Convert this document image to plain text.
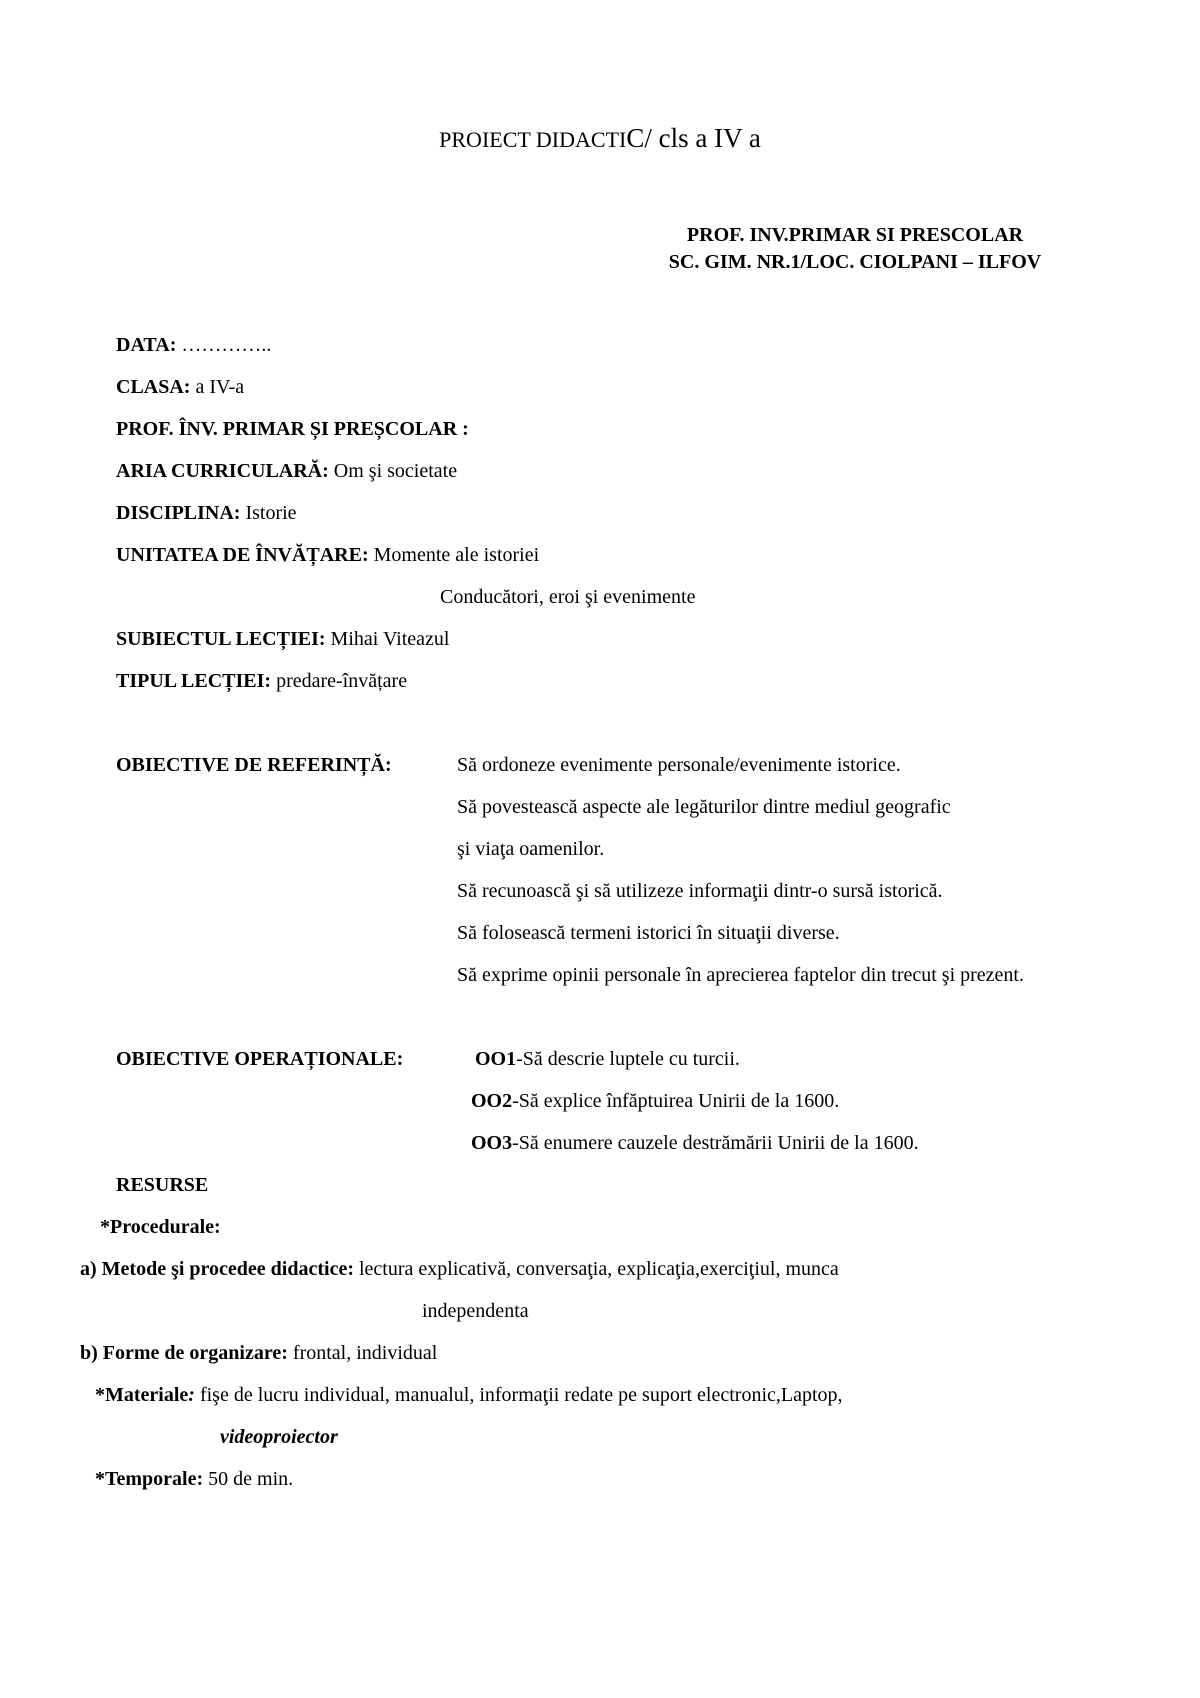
PROIECT DIDACTIC/ cls a IV a
PROF. INV.PRIMAR SI PRESCOLAR
SC. GIM. NR.1/LOC. CIOLPANI – ILFOV
DATA: …………..
CLASA: a IV-a
PROF. ÎNV. PRIMAR ȘI PREȘCOLAR :
ARIA CURRICULARĂ: Om şi societate
DISCIPLINA: Istorie
UNITATEA DE ÎNVĂȚARE: Momente ale istoriei
Conducători, eroi şi evenimente
SUBIECTUL LECȚIEI: Mihai Viteazul
TIPUL LECȚIEI: predare-învățare
OBIECTIVE DE REFERINȚĂ:	Să ordoneze evenimente personale/evenimente istorice.
Să povestească aspecte ale legăturilor dintre mediul geografic
şi viaţa oamenilor.
Să recunoască şi să utilizeze informaţii dintr-o sursă istorică.
Să folosească termeni istorici în situaţii diverse.
Să exprime opinii personale în aprecierea faptelor din trecut şi prezent.
OBIECTIVE OPERAȚIONALE:	OO1-Să descrie luptele cu turcii.
OO2-Să explice înfăptuirea Unirii de la 1600.
OO3-Să enumere cauzele destrămării Unirii de la 1600.
RESURSE
*Procedurale:
a) Metode şi procedee didactice: lectura explicativă, conversaţia, explicaţia,exerciţiul, munca
independenta
b) Forme de organizare: frontal, individual
*Materiale: fişe de lucru individual, manualul, informaţii redate pe suport electronic,Laptop,
videoproiector
*Temporale: 50 de min.
